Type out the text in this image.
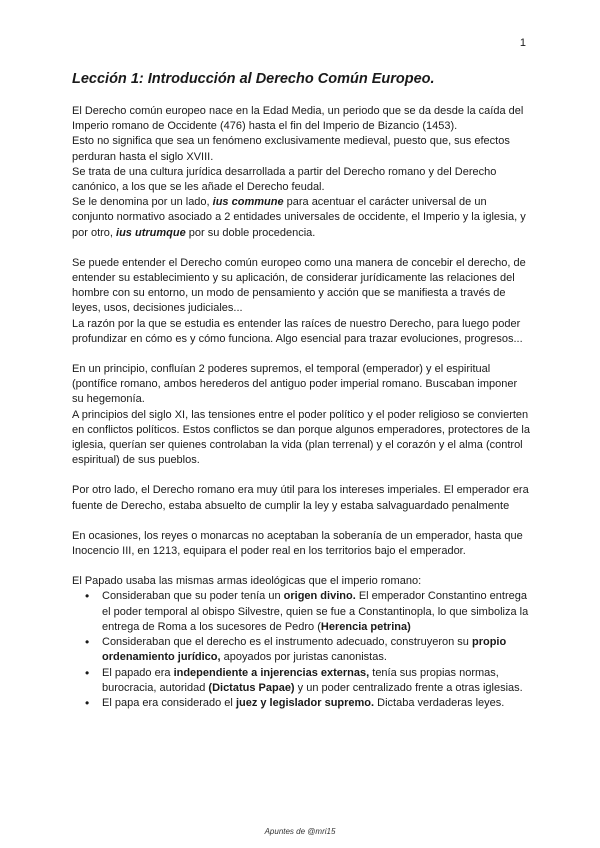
1
Lección 1: Introducción al Derecho Común Europeo.

El Derecho común europeo nace en la Edad Media, un periodo que se da desde la caída del Imperio romano de Occidente (476) hasta el fin del Imperio de Bizancio (1453).

Esto no significa que sea un fenómeno exclusivamente medieval, puesto que, sus efectos perduran hasta el siglo XVIII.

Se trata de una cultura jurídica desarrollada a partir del Derecho romano y del Derecho canónico, a los que se les añade el Derecho feudal.

Se le denomina por un lado, ius commune para acentuar el carácter universal de un conjunto normativo asociado a 2 entidades universales de occidente, el Imperio y la iglesia, y por otro, ius utrumque por su doble procedencia.

Se puede entender el Derecho común europeo como una manera de concebir el derecho, de entender su establecimiento y su aplicación, de considerar jurídicamente las relaciones del hombre con su entorno, un modo de pensamiento y acción que se manifiesta a través de leyes, usos, decisiones judiciales...

La razón por la que se estudia es entender las raíces de nuestro Derecho, para luego poder profundizar en cómo es y cómo funciona. Algo esencial para trazar evoluciones, progresos...

En un principio, confluían 2 poderes supremos, el temporal (emperador) y el espiritual (pontífice romano, ambos herederos del antiguo poder imperial romano. Buscaban imponer su hegemonía.

A principios del siglo XI, las tensiones entre el poder político y el poder religioso se convierten en conflictos políticos. Estos conflictos se dan porque algunos emperadores, protectores de la iglesia, querían ser quienes controlaban la vida (plan terrenal) y el corazón y el alma (control espiritual) de sus pueblos.

Por otro lado, el Derecho romano era muy útil para los intereses imperiales. El emperador era fuente de Derecho, estaba absuelto de cumplir la ley y estaba salvaguardado penalmente

En ocasiones, los reyes o monarcas no aceptaban la soberanía de un emperador, hasta que Inocencio III, en 1213, equipara el poder real en los territorios bajo el emperador.

El Papado usaba las mismas armas ideológicas que el imperio romano:

• Consideraban que su poder tenía un origen divino. El emperador Constantino entrega el poder temporal al obispo Silvestre, quien se fue a Constantinopla, lo que simboliza la entrega de Roma a los sucesores de Pedro (Herencia petrina)
• Consideraban que el derecho es el instrumento adecuado, construyeron su propio ordenamiento jurídico, apoyados por juristas canonistas.
• El papado era independiente a injerencias externas, tenía sus propias normas, burocracia, autoridad (Dictatus Papae) y un poder centralizado frente a otras iglesias.
• El papa era considerado el juez y legislador supremo. Dictaba verdaderas leyes.
Apuntes de @mri15
